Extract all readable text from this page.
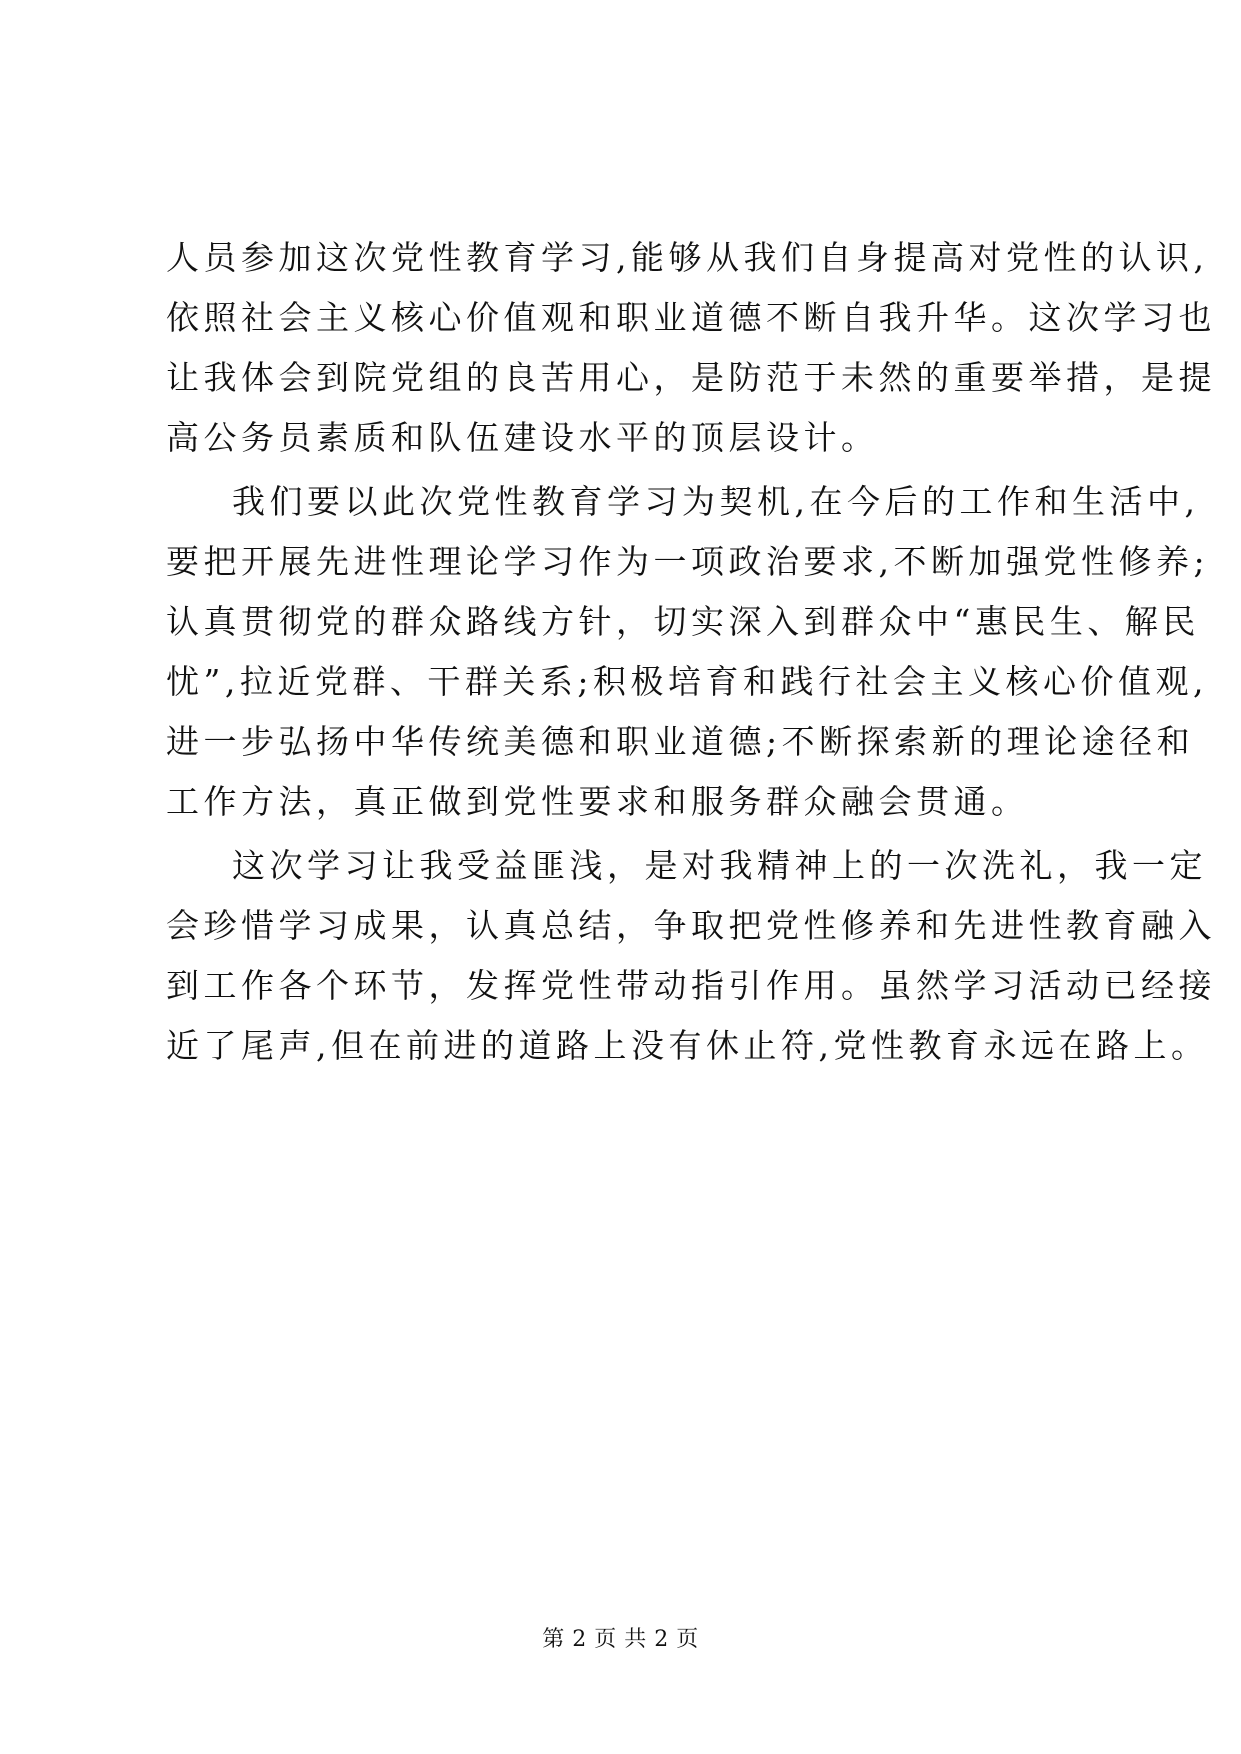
人员参加这次党性教育学习,能够从我们自身提高对党性的认识,
依照社会主义核心价值观和职业道德不断自我升华。这次学习也
让我体会到院党组的良苦用心，是防范于未然的重要举措，是提
高公务员素质和队伍建设水平的顶层设计。
我们要以此次党性教育学习为契机,在今后的工作和生活中,
要把开展先进性理论学习作为一项政治要求,不断加强党性修养;
认真贯彻党的群众路线方针，切实深入到群众中“惠民生、解民
忧”,拉近党群、干群关系;积极培育和践行社会主义核心价值观,
进一步弘扬中华传统美德和职业道德;不断探索新的理论途径和
工作方法，真正做到党性要求和服务群众融会贯通。
这次学习让我受益匪浅，是对我精神上的一次洗礼，我一定
会珍惜学习成果，认真总结，争取把党性修养和先进性教育融入
到工作各个环节，发挥党性带动指引作用。虽然学习活动已经接
近了尾声,但在前进的道路上没有休止符,党性教育永远在路上。
第 2 页 共 2 页
